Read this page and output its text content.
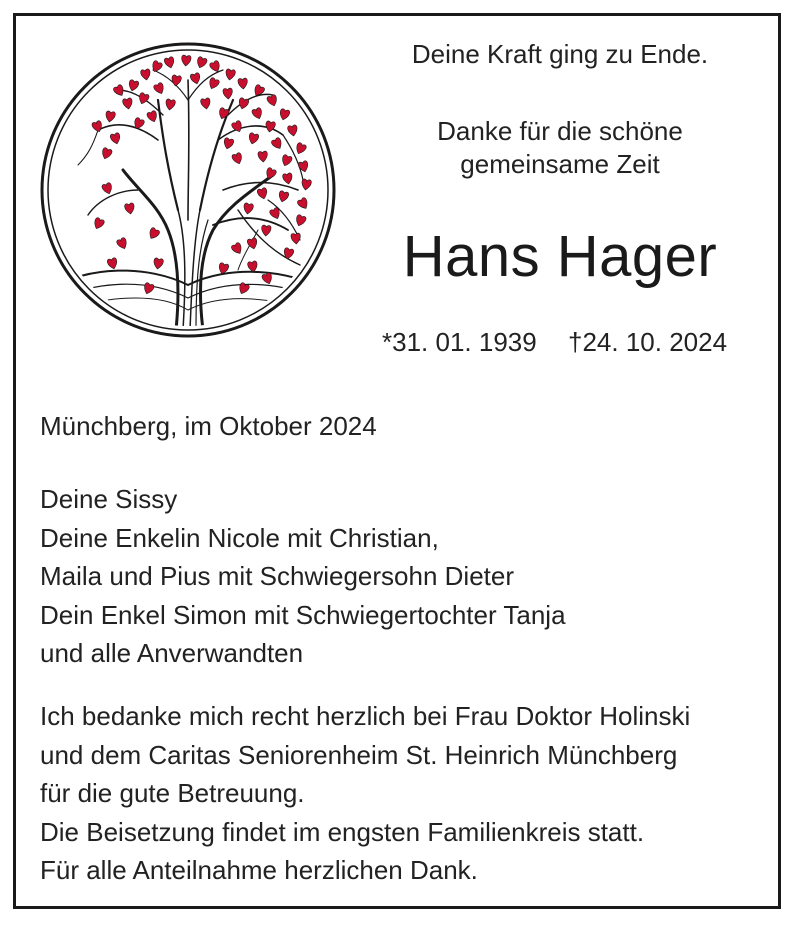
Deine Kraft ging zu Ende.
Danke für die schöne
gemeinsame Zeit
Hans Hager
*31. 01. 1939 †24. 10. 2024
Münchberg, im Oktober 2024
Deine Sissy
Deine Enkelin Nicole mit Christian,
Maila und Pius mit Schwiegersohn Dieter
Dein Enkel Simon mit Schwiegertochter Tanja
und alle Anverwandten
Ich bedanke mich recht herzlich bei Frau Doktor Holinski
und dem Caritas Seniorenheim St. Heinrich Münchberg
für die gute Betreuung.
Die Beisetzung findet im engsten Familienkreis statt.
Für alle Anteilnahme herzlichen Dank.
